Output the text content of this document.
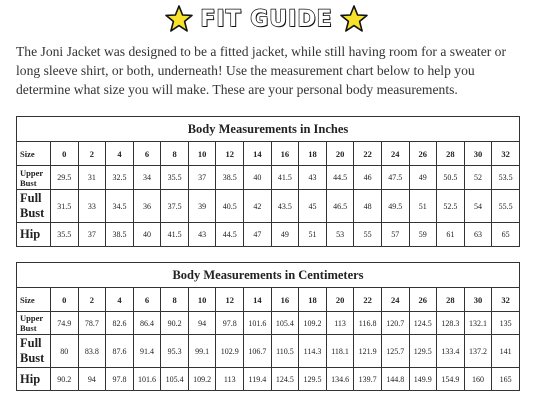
FIT GUIDE

The Joni Jacket was designed to be a fitted jacket, while still having room for a sweater or long sleeve shirt, or both, underneath! Use the measurement chart below to help you determine what size you will make. These are your personal body measurements.

Body Measurements in Inches																	
Size	0	2	4	6	8	10	12	14	16	18	20	22	24	26	28	30	32
Upper
Bust	29.5	31	32.5	34	35.5	37	38.5	40	41.5	43	44.5	46	47.5	49	50.5	52	53.5
Full
Bust	31.5	33	34.5	36	37.5	39	40.5	42	43.5	45	46.5	48	49.5	51	52.5	54	55.5
Hip	35.5	37	38.5	40	41.5	43	44.5	47	49	51	53	55	57	59	61	63	65
Body Measurements in Centimeters																	
Size	0	2	4	6	8	10	12	14	16	18	20	22	24	26	28	30	32
Upper
Bust	74.9	78.7	82.6	86.4	90.2	94	97.8	101.6	105.4	109.2	113	116.8	120.7	124.5	128.3	132.1	135
Full
Bust	80	83.8	87.6	91.4	95.3	99.1	102.9	106.7	110.5	114.3	118.1	121.9	125.7	129.5	133.4	137.2	141
Hip	90.2	94	97.8	101.6	105.4	109.2	113	119.4	124.5	129.5	134.6	139.7	144.8	149.9	154.9	160	165
